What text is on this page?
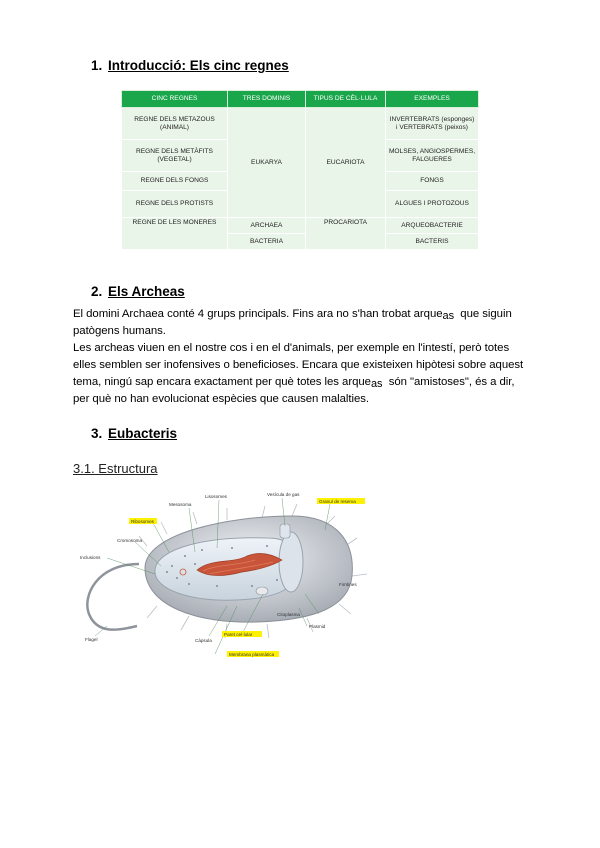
1. Introducció: Els cinc regnes
CINC REGNES	TRES DOMINIS	TIPUS DE CÈL·LULA	EXEMPLES
REGNE DELS METAZOUS (ANIMAL)	EUKARYA	EUCARIOTA	INVERTEBRATS (esponges) i VERTEBRATS (peixos)
REGNE DELS METÀFITS (VEGETAL)			MOLSES, ANGIOSPERMES, FALGUERES
REGNE DELS FONGS			FONGS
REGNE DELS PROTISTS			ALGUES I PROTOZOUS
REGNE DE LES MONERES	ARCHAEA	PROCARIOTA	ARQUEOBACTERIE
	BACTERIA		BACTERIS
2. Els Archeas

El domini Archaea conté 4 grups principals. Fins ara no s'han trobat arqueas  que siguin patògens humans.

Les archeas viuen en el nostre cos i en el d'animals, per exemple en l'intestí, però totes elles semblen ser inofensives o beneficioses. Encara que existeixen hipòtesi sobre aquest tema, ningú sap encara exactament per què totes les arqueas  són "amistoses", és a dir, per què no han evolucionat espècies que causen malalties.

3. Eubacteris
3.1. Estructura
Lisosomes	Vesícula de gas
Granul de reserva
Mesosoma
Ribosomes
Cromosoma
Inclusions
Flagel	Càpsula
Paret cel·lular
Membrana plasmàtica
Plasmid
Citoplasma
Fimbries
